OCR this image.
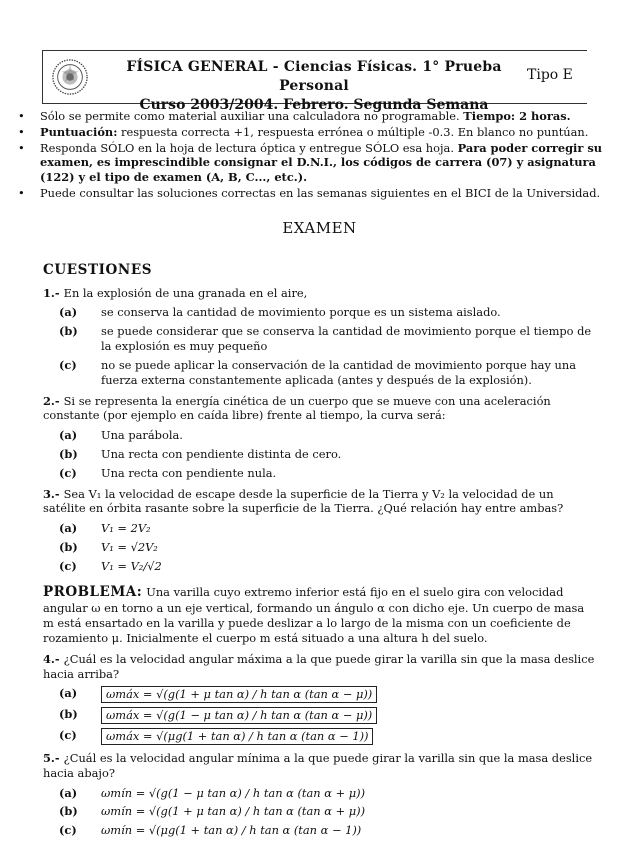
FÍSICA GENERAL - Ciencias Físicas. 1° Prueba Personal
Curso 2003/2004. Febrero. Segunda Semana
Tipo E
• Sólo se permite como material auxiliar una calculadora no programable. Tiempo: 2 horas.
• Puntuación: respuesta correcta +1, respuesta errónea o múltiple -0.3. En blanco no puntúan.
• Responda SÓLO en la hoja de lectura óptica y entregue SÓLO esa hoja. Para poder corregir su examen, es imprescindible consignar el D.N.I., los códigos de carrera (07) y asignatura (122) y el tipo de examen (A, B, C..., etc.).
• Puede consultar las soluciones correctas en las semanas siguientes en el BICI de la Universidad.
EXAMEN
CUESTIONES
1.- En la explosión de una granada en el aire,
(a) se conserva la cantidad de movimiento porque es un sistema aislado.
(b) se puede considerar que se conserva la cantidad de movimiento porque el tiempo de la explosión es muy pequeño
(c) no se puede aplicar la conservación de la cantidad de movimiento porque hay una fuerza externa constantemente aplicada (antes y después de la explosión).
2.- Si se representa la energía cinética de un cuerpo que se mueve con una aceleración constante (por ejemplo en caída libre) frente al tiempo, la curva será:
(a) Una parábola.
(b) Una recta con pendiente distinta de cero.
(c) Una recta con pendiente nula.
3.- Sea V₁ la velocidad de escape desde la superficie de la Tierra y V₂ la velocidad de un satélite en órbita rasante sobre la superficie de la Tierra. ¿Qué relación hay entre ambas?
(a) V₁ = 2V₂
(b) V₁ = √2V₂
(c) V₁ = V₂/√2
PROBLEMA: Una varilla cuyo extremo inferior está fijo en el suelo gira con velocidad angular ω en torno a un eje vertical, formando un ángulo α con dicho eje. Un cuerpo de masa m está ensartado en la varilla y puede deslizar a lo largo de la misma con un coeficiente de rozamiento μ. Inicialmente el cuerpo m está situado a una altura h del suelo.
4.- ¿Cuál es la velocidad angular máxima a la que puede girar la varilla sin que la masa deslice hacia arriba?
(a)	ωmáx = √(g(1 + μ tan α) / h tan α (tan α − μ))
(b) ωmáx = √(g(1 − μ tan α) / h tan α (tan α − μ))
(c)	ωmáx = √(μg(1 + tan α) / h tan α (tan α − 1))
5.- ¿Cuál es la velocidad angular mínima a la que puede girar la varilla sin que la masa deslice hacia abajo?
(a) ωmín = √(g(1 − μ tan α) / h tan α (tan α + μ))
(b) ωmín = √(g(1 + μ tan α) / h tan α (tan α + μ))
(c) ωmín = √(μg(1 + tan α) / h tan α (tan α − 1))
